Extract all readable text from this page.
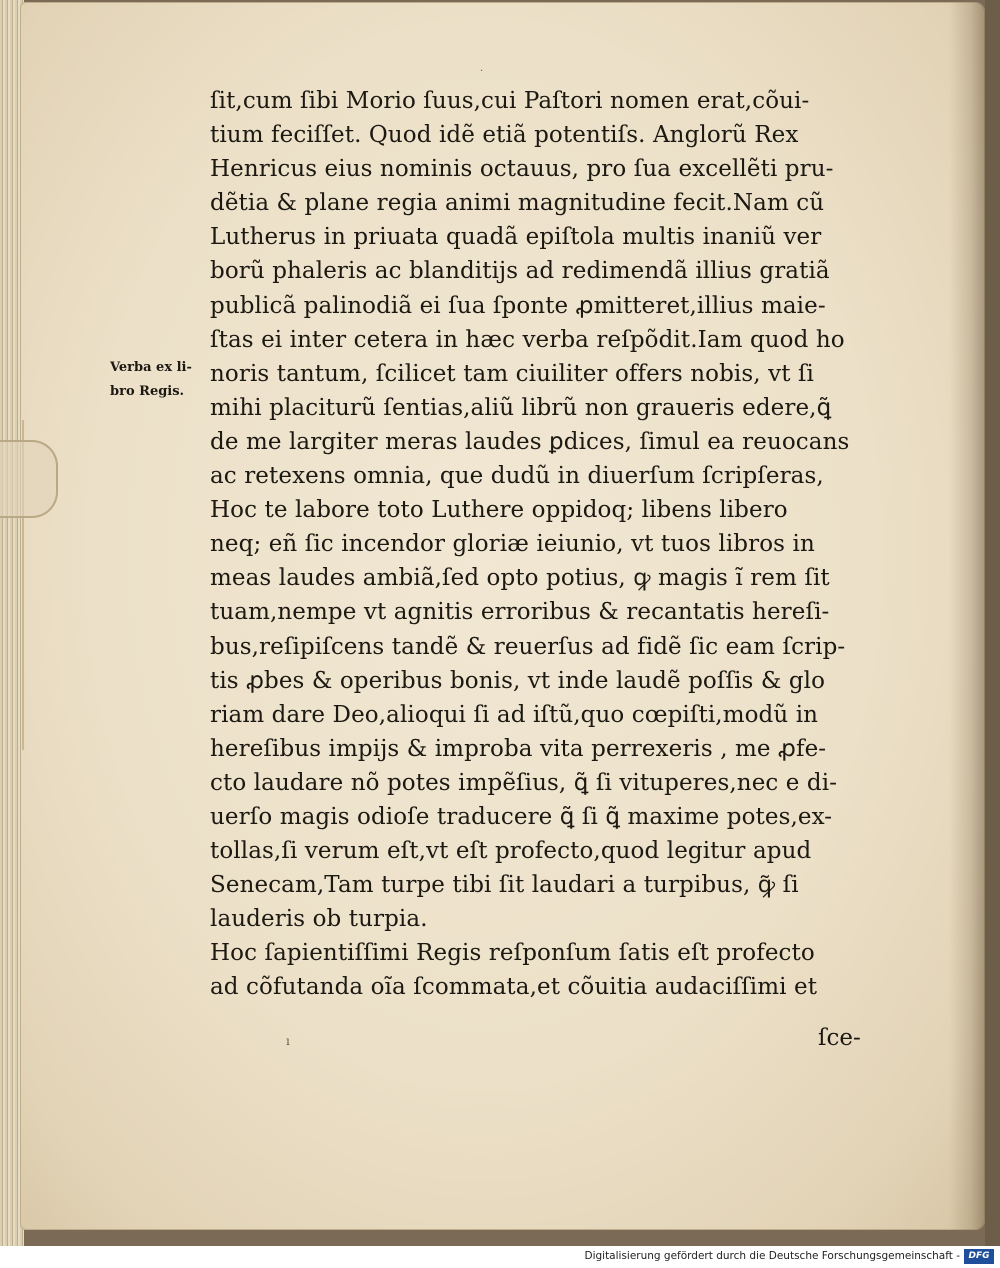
·
ı
Verba ex li-
bro Regis.
ſit,cum ſibi Morio ſuus,cui Paſtori nomen erat,cõui-
tium feciſſet. Quod idẽ etiã potentiſs. Anglorũ Rex
Henricus eius nominis octauus, pro ſua excellẽti pru-
dẽtia & plane regia animi magnitudine fecit.Nam cũ
Lutherus in priuata quadã epiſtola multis inaniũ ver
borũ phaleris ac blanditijs ad redimendã illius gratiã
publicã palinodiã ei ſua ſponte ꝓmitteret,illius maie-
ſtas ei inter cetera in hæc verba reſpõdit.Iam quod ho
noris tantum, ſcilicet tam ciuiliter offers nobis, vt ſi
mihi placiturũ ſentias,aliũ librũ non graueris edere,ꝗ̃
de me largiter meras laudes ꝑdices, ſimul ea reuocans
ac retexens omnia, que dudũ in diuerſum ſcripſeras,
Hoc te labore toto Luthere oppidoq; libens libero
neq; eñ ſic incendor gloriæ ieiunio, vt tuos libros in
meas laudes ambiã,ſed opto potius, ꝙ magis ĩ rem ſit
tuam,nempe vt agnitis erroribus & recantatis hereſi-
bus,reſipiſcens tandẽ & reuerſus ad fidẽ ſic eam ſcrip-
tis ꝓbes & operibus bonis, vt inde laudẽ poſſis & glo
riam dare Deo,alioqui ſi ad iſtũ,quo cœpiſti,modũ in
hereſibus impijs & improba vita perrexeris , me ꝓfe-
cto laudare nõ potes impẽſius, ꝗ̃ ſi vituperes,nec e di-
uerſo magis odioſe traducere ꝗ̃ ſi ꝗ̃ maxime potes,ex-
tollas,ſi verum eſt,vt eſt profecto,quod legitur apud
Senecam,Tam turpe tibi ſit laudari a turpibus, ꝙ̃ ſi
lauderis ob turpia.
Hoc ſapientiſſimi Regis reſponſum ſatis eſt profecto
ad cõfutanda oĩa ſcommata,et cõuitia audaciſſimi et
ſce-
Digitalisierung gefördert durch die Deutsche Forschungsgemeinschaft - DFG
